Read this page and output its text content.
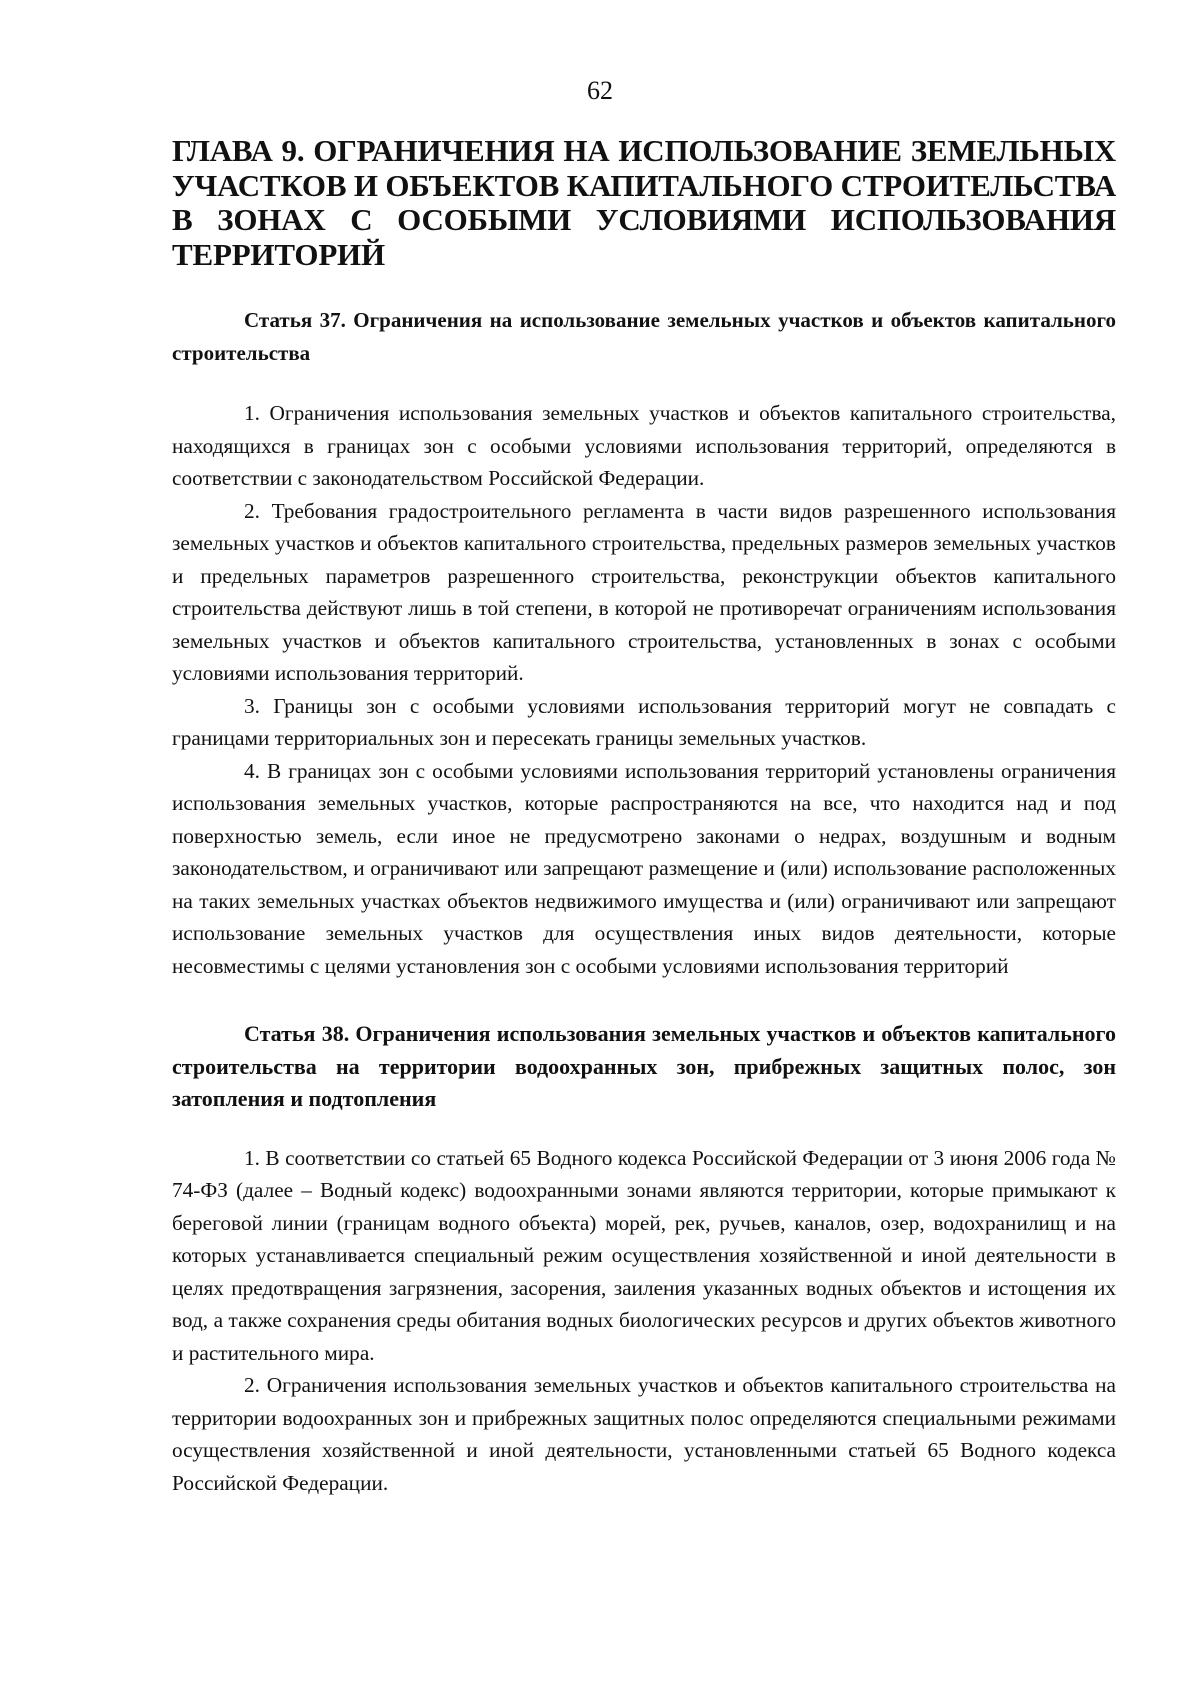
62
ГЛАВА 9. ОГРАНИЧЕНИЯ НА ИСПОЛЬЗОВАНИЕ ЗЕМЕЛЬНЫХ УЧАСТКОВ И ОБЪЕКТОВ КАПИТАЛЬНОГО СТРОИТЕЛЬСТВА В ЗОНАХ С ОСОБЫМИ УСЛОВИЯМИ ИСПОЛЬЗОВАНИЯ ТЕРРИТОРИЙ
Статья 37. Ограничения на использование земельных участков и объектов капитального строительства

1. Ограничения использования земельных участков и объектов капитального строительства, находящихся в границах зон с особыми условиями использования территорий, определяются в соответствии с законодательством Российской Федерации.

2. Требования градостроительного регламента в части видов разрешенного использования земельных участков и объектов капитального строительства, предельных размеров земельных участков и предельных параметров разрешенного строительства, реконструкции объектов капитального строительства действуют лишь в той степени, в которой не противоречат ограничениям использования земельных участков и объектов капитального строительства, установленных в зонах с особыми условиями использования территорий.

3. Границы зон с особыми условиями использования территорий могут не совпадать с границами территориальных зон и пересекать границы земельных участков.

4. В границах зон с особыми условиями использования территорий установлены ограничения использования земельных участков, которые распространяются на все, что находится над и под поверхностью земель, если иное не предусмотрено законами о недрах, воздушным и водным законодательством, и ограничивают или запрещают размещение и (или) использование расположенных на таких земельных участках объектов недвижимого имущества и (или) ограничивают или запрещают использование земельных участков для осуществления иных видов деятельности, которые несовместимы с целями установления зон с особыми условиями использования территорий

Статья 38. Ограничения использования земельных участков и объектов капитального строительства на территории водоохранных зон, прибрежных защитных полос, зон затопления и подтопления

1. В соответствии со статьей 65 Водного кодекса Российской Федерации от 3 июня 2006 года № 74-ФЗ (далее – Водный кодекс) водоохранными зонами являются территории, которые примыкают к береговой линии (границам водного объекта) морей, рек, ручьев, каналов, озер, водохранилищ и на которых устанавливается специальный режим осуществления хозяйственной и иной деятельности в целях предотвращения загрязнения, засорения, заиления указанных водных объектов и истощения их вод, а также сохранения среды обитания водных биологических ресурсов и других объектов животного и растительного мира.

2. Ограничения использования земельных участков и объектов капитального строительства на территории водоохранных зон и прибрежных защитных полос определяются специальными режимами осуществления хозяйственной и иной деятельности, установленными статьей 65 Водного кодекса Российской Федерации.
